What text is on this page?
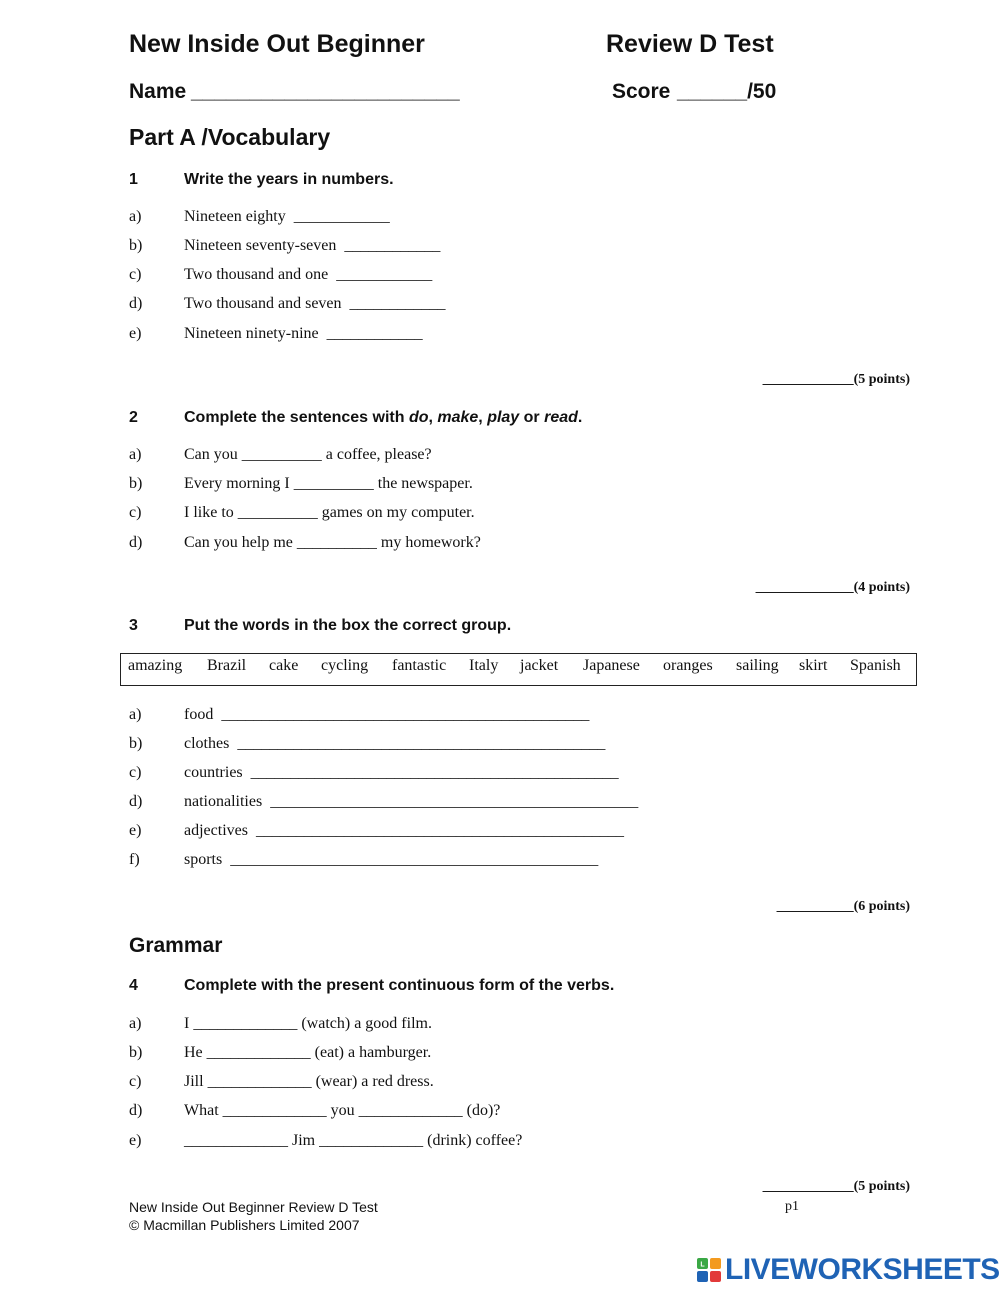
New Inside Out Beginner	Review D Test
Name _______________________	Score ______/50
Part A /Vocabulary
1	Write the years in numbers.
a)	Nineteen eighty  ____________
b)	Nineteen seventy-seven  ____________
c)	Two thousand and one  ____________
d)	Two thousand and seven  ____________
e)	Nineteen ninety-nine  ____________
_____________(5 points)
2	Complete the sentences with do, make, play or read.
a)	Can you __________ a coffee, please?
b)	Every morning I __________ the newspaper.
c)	I like to __________ games on my computer.
d)	Can you help me __________ my homework?
______________(4 points)
3	Put the words in the box the correct group.
amazing Brazil cake cycling fantastic Italy jacket Japanese oranges sailing skirt Spanish
a)	food  ______________________________________________
b)	clothes  ______________________________________________
c)	countries  ______________________________________________
d)	nationalities  ______________________________________________
e)	adjectives  ______________________________________________
f)	sports  ______________________________________________
___________(6 points)
Grammar
4	Complete with the present continuous form of the verbs.
a)	I _____________ (watch) a good film.
b)	He _____________ (eat) a hamburger.
c)	Jill _____________ (wear) a red dress.
d)	What _____________ you _____________ (do)?
e)	_____________ Jim _____________ (drink) coffee?
_____________(5 points)
New Inside Out Beginner Review D Test
© Macmillan Publishers Limited 2007
p1
L LIVEWORKSHEETS
